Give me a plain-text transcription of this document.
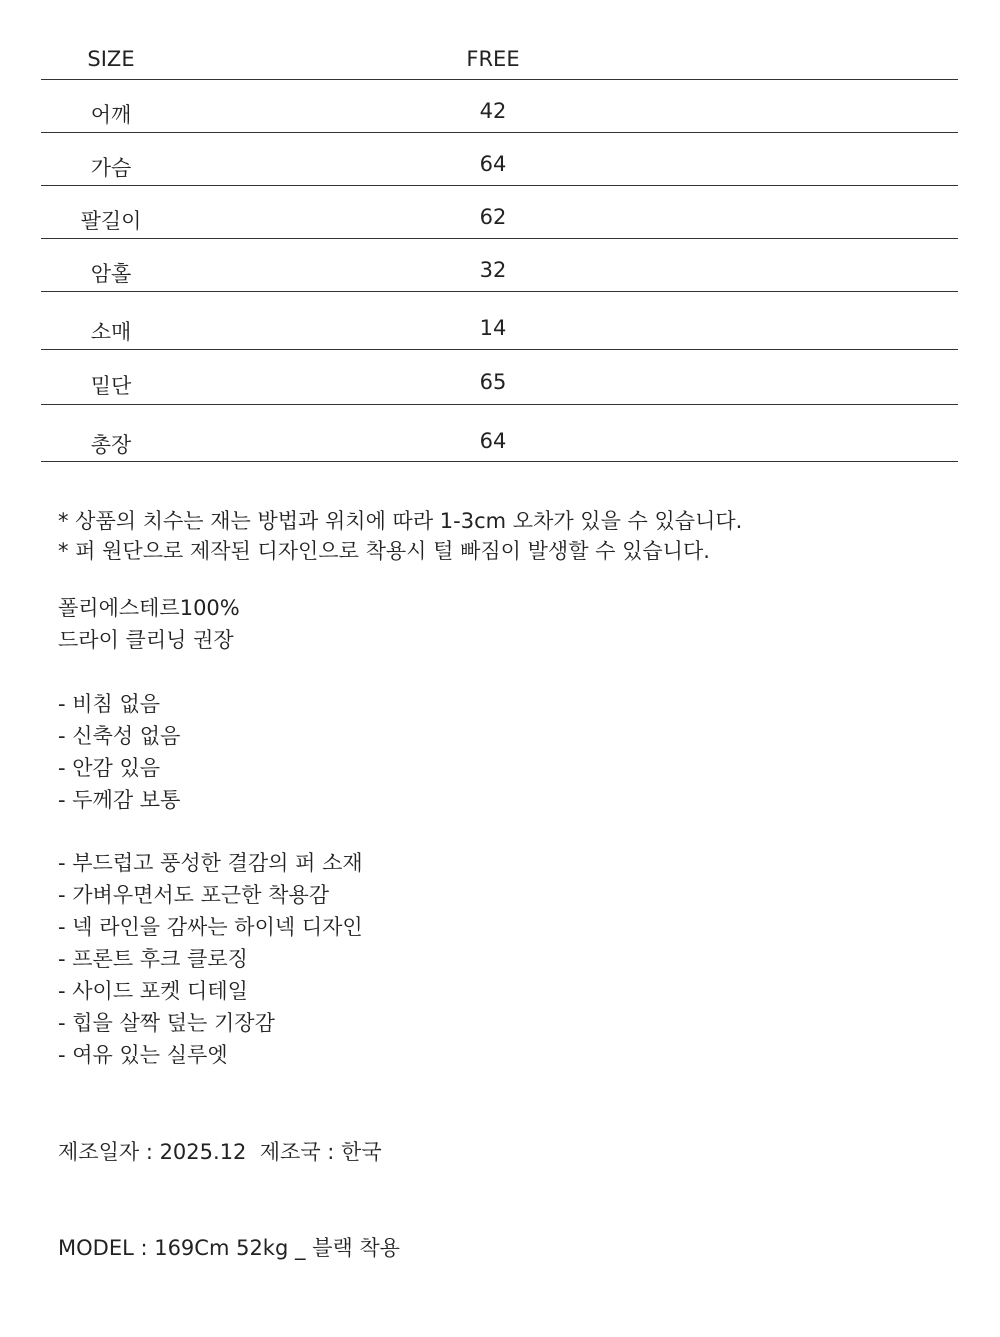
SIZE	FREE
어깨	42
가슴	64
팔길이	62
암홀	32
소매	14
밑단	65
총장	64
* 상품의 치수는 재는 방법과 위치에 따라 1-3cm 오차가 있을 수 있습니다.
* 퍼 원단으로 제작된 디자인으로 착용시 털 빠짐이 발생할 수 있습니다.
폴리에스테르100%
드라이 클리닝 권장
- 비침 없음
- 신축성 없음
- 안감 있음
- 두께감 보통
- 부드럽고 풍성한 결감의 퍼 소재
- 가벼우면서도 포근한 착용감
- 넥 라인을 감싸는 하이넥 디자인
- 프론트 후크 클로징
- 사이드 포켓 디테일
- 힙을 살짝 덮는 기장감
- 여유 있는 실루엣
제조일자 : 2025.12  제조국 : 한국
MODEL : 169Cm 52kg _ 블랙 착용
